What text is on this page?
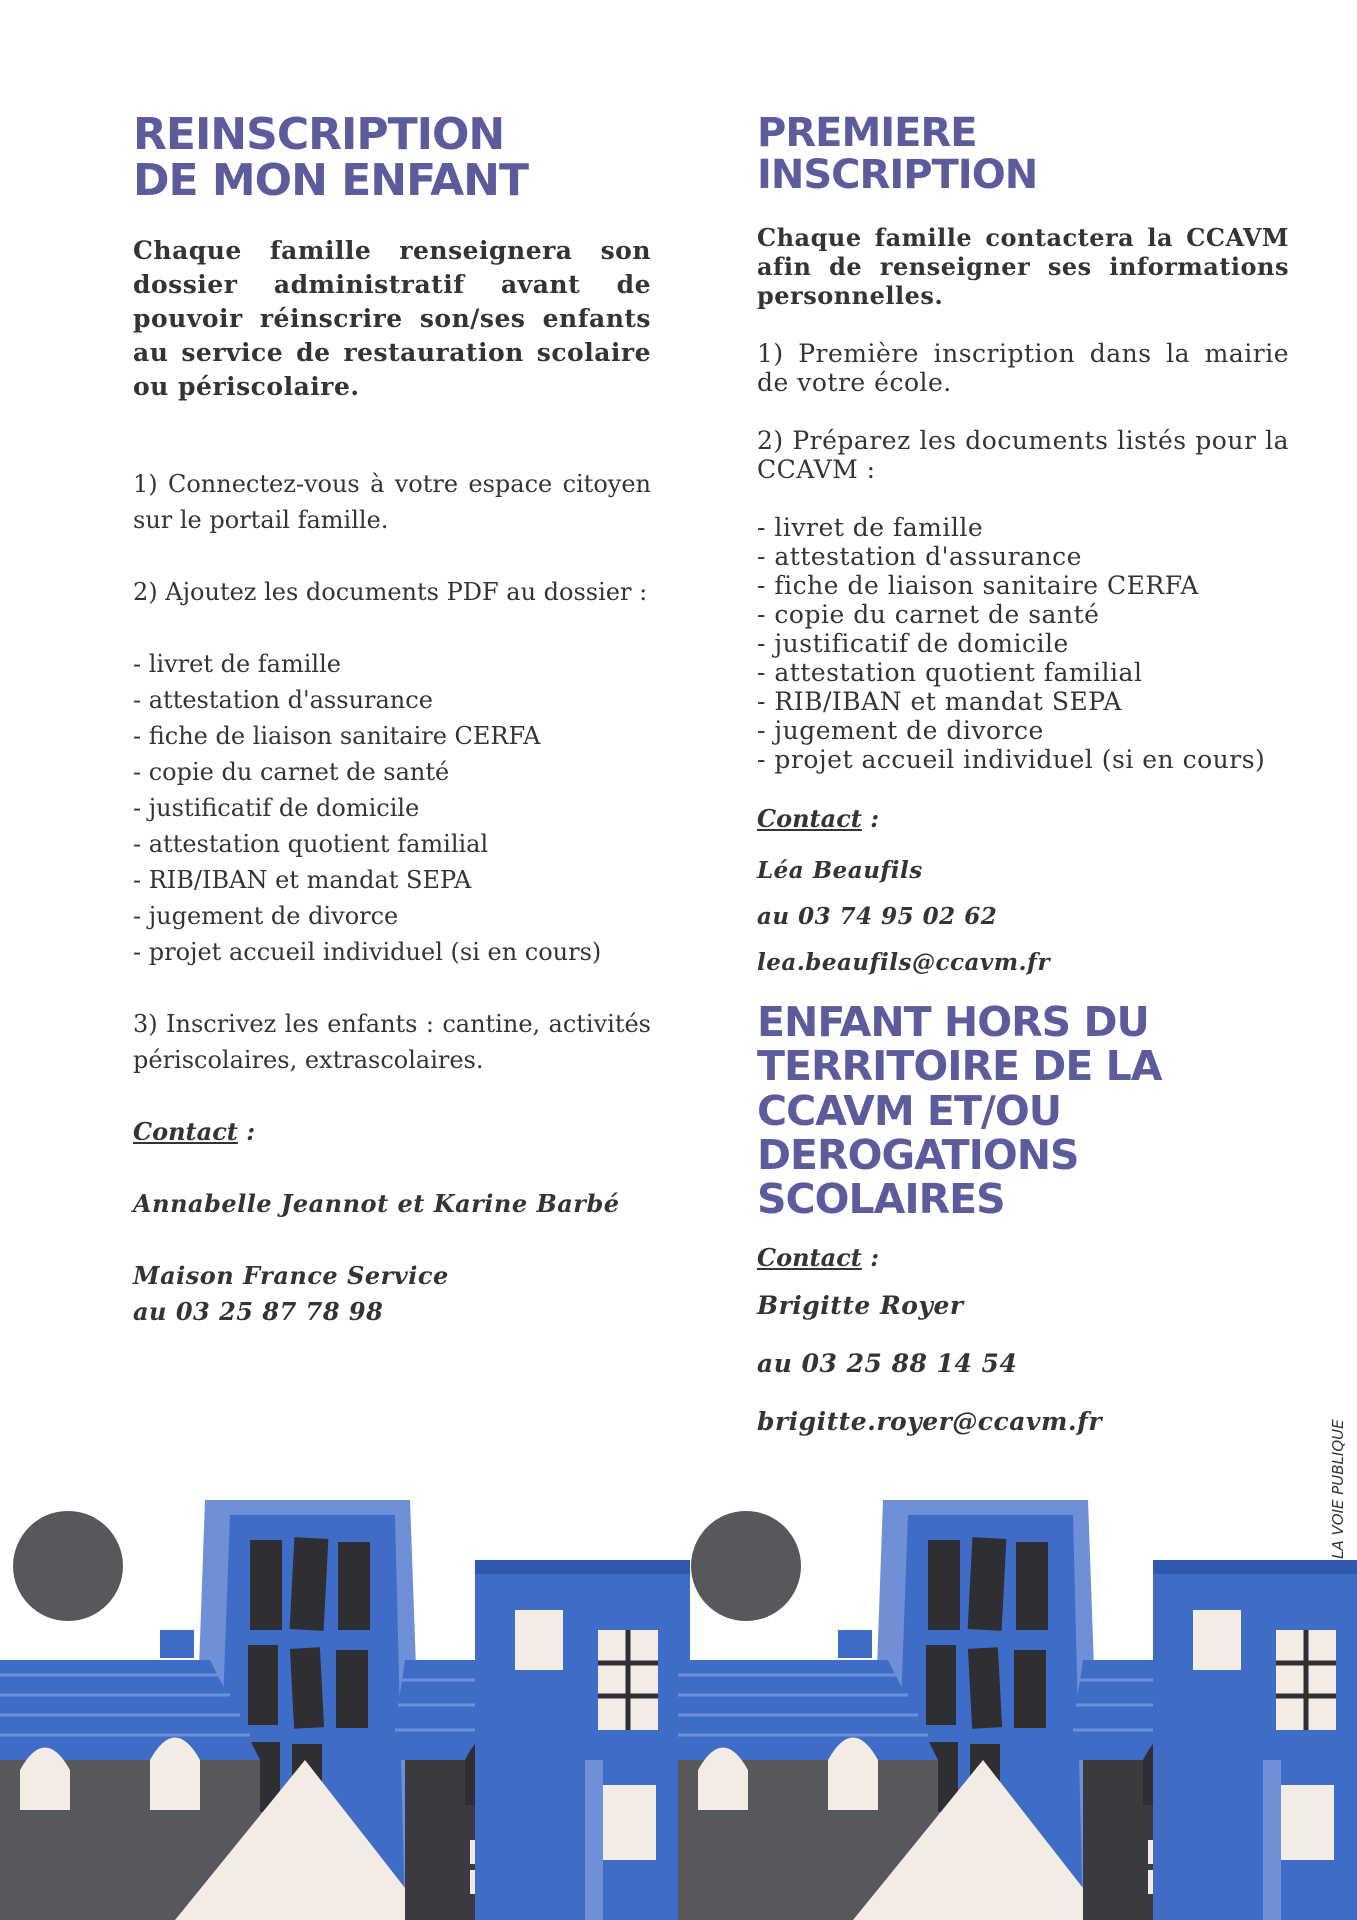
REINSCRIPTION
DE MON ENFANT

Chaque famille renseignera son dossier administratif avant de pouvoir réinscrire son/ses enfants au service de restauration scolaire ou périscolaire.

1) Connectez-vous à votre espace citoyen sur le portail famille.

2) Ajoutez les documents PDF au dossier :

- livret de famille
- attestation d'assurance
- fiche de liaison sanitaire CERFA
- copie du carnet de santé
- justificatif de domicile
- attestation quotient familial
- RIB/IBAN et mandat SEPA
- jugement de divorce
- projet accueil individuel (si en cours)

3) Inscrivez les enfants : cantine, activités périscolaires, extrascolaires.

Contact :

Annabelle Jeannot et Karine Barbé

Maison France Service

au 03 25 87 78 98

PREMIERE
INSCRIPTION

Chaque famille contactera la CCAVM afin de renseigner ses informations personnelles.

1) Première inscription dans la mairie de votre école.

2) Préparez les documents listés pour la CCAVM :

- livret de famille
- attestation d'assurance
- fiche de liaison sanitaire CERFA
- copie du carnet de santé
- justificatif de domicile
- attestation quotient familial
- RIB/IBAN et mandat SEPA
- jugement de divorce
- projet accueil individuel (si en cours)

Contact :

Léa Beaufils

au 03 74 95 02 62

lea.beaufils@ccavm.fr

ENFANT HORS DU
TERRITOIRE DE LA
CCAVM ET/OU
DEROGATIONS
SCOLAIRES

Contact :

Brigitte Royer

au 03 25 88 14 54

brigitte.royer@ccavm.fr
